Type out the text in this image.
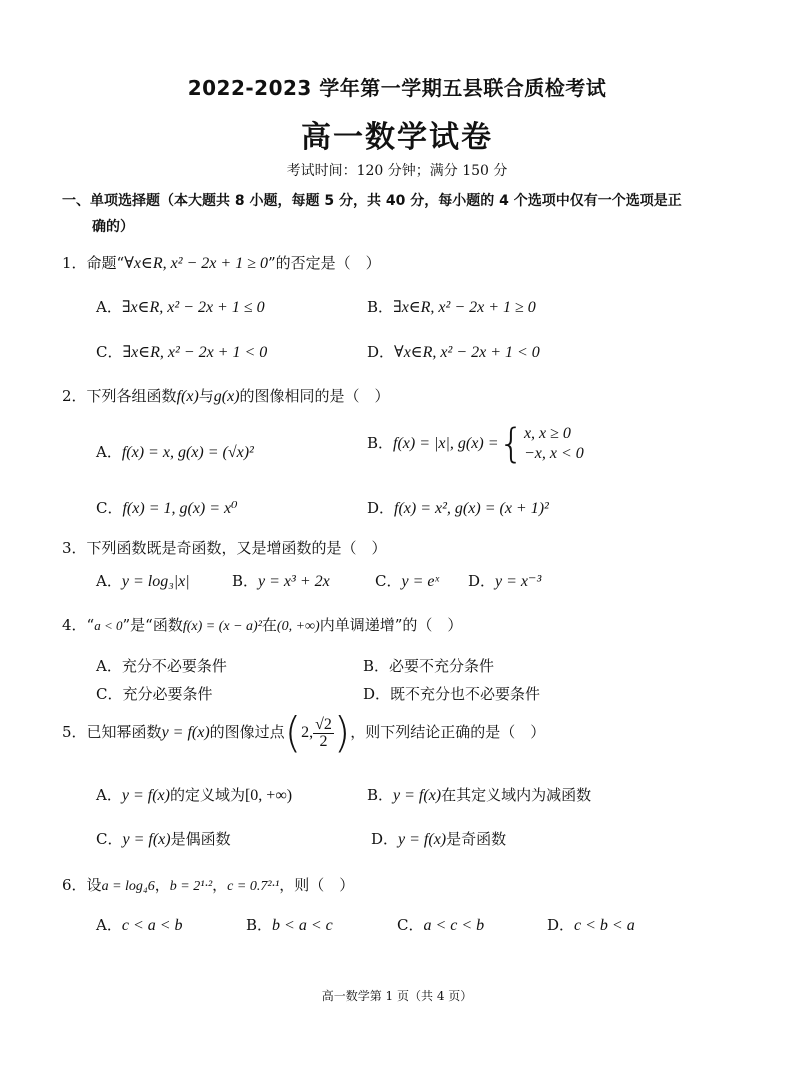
2022-2023 学年第一学期五县联合质检考试
高一数学试卷
考试时间：120 分钟；满分 150 分
一、单项选择题（本大题共 8 小题，每题 5 分，共 40 分，每小题的 4 个选项中仅有一个选项是正
确的）
1．命题“∀x∈R, x² − 2x + 1 ≥ 0”的否定是（　）
A．∃x∈R, x² − 2x + 1 ≤ 0	B．∃x∈R, x² − 2x + 1 ≥ 0
C．∃x∈R, x² − 2x + 1 < 0	D．∀x∈R, x² − 2x + 1 < 0
2．下列各组函数f(x)与g(x)的图像相同的是（　）
A．f(x) = x, g(x) = (√x)²
B．f(x) = |x|, g(x) ={ x, x ≥ 0
−x, x < 0
C．f(x) = 1, g(x) = x⁰	D．f(x) = x², g(x) = (x + 1)²
3．下列函数既是奇函数，又是增函数的是（　）
A．y = log₃|x|	B．y = x³ + 2x	C．y = eˣ D．y = x⁻³
4．“a < 0”是“函数f(x) = (x − a)²在(0, +∞)内单调递增”的（　）
A．充分不必要条件	B．必要不充分条件
C．充分必要条件	D．既不充分也不必要条件
5．已知幂函数y = f(x)的图像过点(2, $\frac{√2}{2}$ )，则下列结论正确的是（　）
A．y = f(x)的定义域为[0, +∞)	B．y = f(x)在其定义域内为减函数
C．y = f(x)是偶函数	D．y = f(x)是奇函数
6．设a = log₄6，b = 2¹·²，c = 0.7²·¹，则（　）
A．c < a < b	B．b < a < c	C．a < c < b	D．c < b < a
高一数学第 1 页（共 4 页）
